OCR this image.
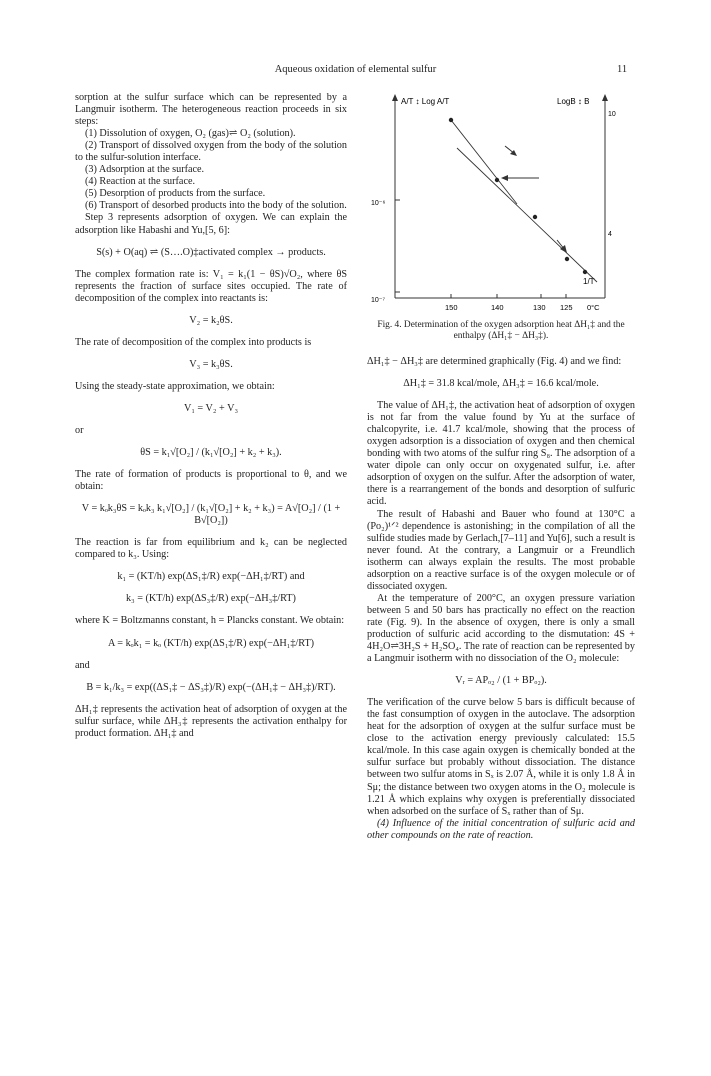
Aqueous oxidation of elemental sulfur	11

sorption at the sulfur surface which can be represented by a Langmuir isotherm. The heterogeneous reaction proceeds in six steps:

(1) Dissolution of oxygen, O₂ (gas)⇌ O₂ (solution).

(2) Transport of dissolved oxygen from the body of the solution to the sulfur-solution interface.

(3) Adsorption at the surface.

(4) Reaction at the surface.

(5) Desorption of products from the surface.

(6) Transport of desorbed products into the body of the solution.

Step 3 represents adsorption of oxygen. We can explain the adsorption like Habashi and Yu,[5, 6]:

S(s) + O(aq) ⇌ (S….O)‡activated complex → products.

The complex formation rate is: V₁ = k₁(1 − θS)√O₂, where θS represents the fraction of surface sites occupied. The rate of decomposition of the complex into reactants is:

V₂ = k₂θS.

The rate of decomposition of the complex into products is

V₃ = k₃θS.

Using the steady-state approximation, we obtain:

V₁ = V₂ + V₃

or

θS = k₁√[O₂] / (k₁√[O₂] + k₂ + k₃).

The rate of formation of products is proportional to θ, and we obtain:

V = kₒk₃θS = kₒk₃ k₁√[O₂] / (k₁√[O₂] + k₂ + k₃) = A√[O₂] / (1 + B√[O₂])

The reaction is far from equilibrium and k₂ can be neglected compared to k₃. Using:

k₁ = (KT/h) exp(ΔS₁‡/R) exp(−ΔH₁‡/RT) and

k₃ = (KT/h) exp(ΔS₃‡/R) exp(−ΔH₃‡/RT)

where K = Boltzmanns constant, h = Plancks constant. We obtain:

A = kₒk₁ = kₒ (KT/h) exp(ΔS₁‡/R) exp(−ΔH₁‡/RT)

and

B = k₁/k₃ = exp((ΔS₁‡ − ΔS₃‡)/R) exp(−(ΔH₁‡ − ΔH₃‡)/RT).

ΔH₁‡ represents the activation heat of adsorption of oxygen at the sulfur surface, while ΔH₃‡ represents the activation enthalpy for product formation. ΔH₁‡ and

A/T ↕ Log A/T	LogB ↕ B
10
10⁻⁶
10⁻⁷
4
1/T
150	140	130 125 0°C

Fig. 4. Determination of the oxygen adsorption heat ΔH₁‡ and the enthalpy (ΔH₁‡ − ΔH₃‡).

ΔH₁‡ − ΔH₃‡ are determined graphically (Fig. 4) and we find:

ΔH₁‡ = 31.8 kcal/mole, ΔH₃‡ = 16.6 kcal/mole.

The value of ΔH₁‡, the activation heat of adsorption of oxygen is not far from the value found by Yu at the surface of chalcopyrite, i.e. 41.7 kcal/mole, showing that the process of oxygen adsorption is a dissociation of oxygen and then chemical bonding with two atoms of the sulfur ring S₈. The adsorption of a water dipole can only occur on oxygenated sulfur, i.e. after adsorption of oxygen on the sulfur. After the adsorption of water, there is a rearrangement of the bonds and desorption of sulfuric acid.

The result of Habashi and Bauer who found at 130°C a (Po₂)¹ᐟ² dependence is astonishing; in the compilation of all the sulfide studies made by Gerlach,[7–11] and Yu[6], such a result is never found. At the contrary, a Langmuir or a Freundlich isotherm can always explain the results. The most probable adsorption on a reactive surface is of the oxygen molecule or of dissociated oxygen.

At the temperature of 200°C, an oxygen pressure variation between 5 and 50 bars has practically no effect on the reaction rate (Fig. 9). In the absence of oxygen, there is only a small production of sulfuric acid according to the dismutation: 4S + 4H₂O⇌3H₂S + H₂SO₄. The rate of reaction can be represented by a Langmuir isotherm with no dissociation of the O₂ molecule:

Vᵣ = APₒ₂ / (1 + BPₒ₂).

The verification of the curve below 5 bars is difficult because of the fast consumption of oxygen in the autoclave. The adsorption heat for the adsorption of oxygen at the sulfur surface must be close to the activation energy previously calculated: 15.5 kcal/mole. In this case again oxygen is chemically bonded at the sulfur surface but probably without dissociation. The distance between two sulfur atoms in Sₓ is 2.07 Å, while it is only 1.8 Å in Sμ; the distance between two oxygen atoms in the O₂ molecule is 1.21 Å which explains why oxygen is preferentially dissociated when adsorbed on the surface of Sₓ rather than of Sμ.

(4) Influence of the initial concentration of sulfuric acid and other compounds on the rate of reaction.
